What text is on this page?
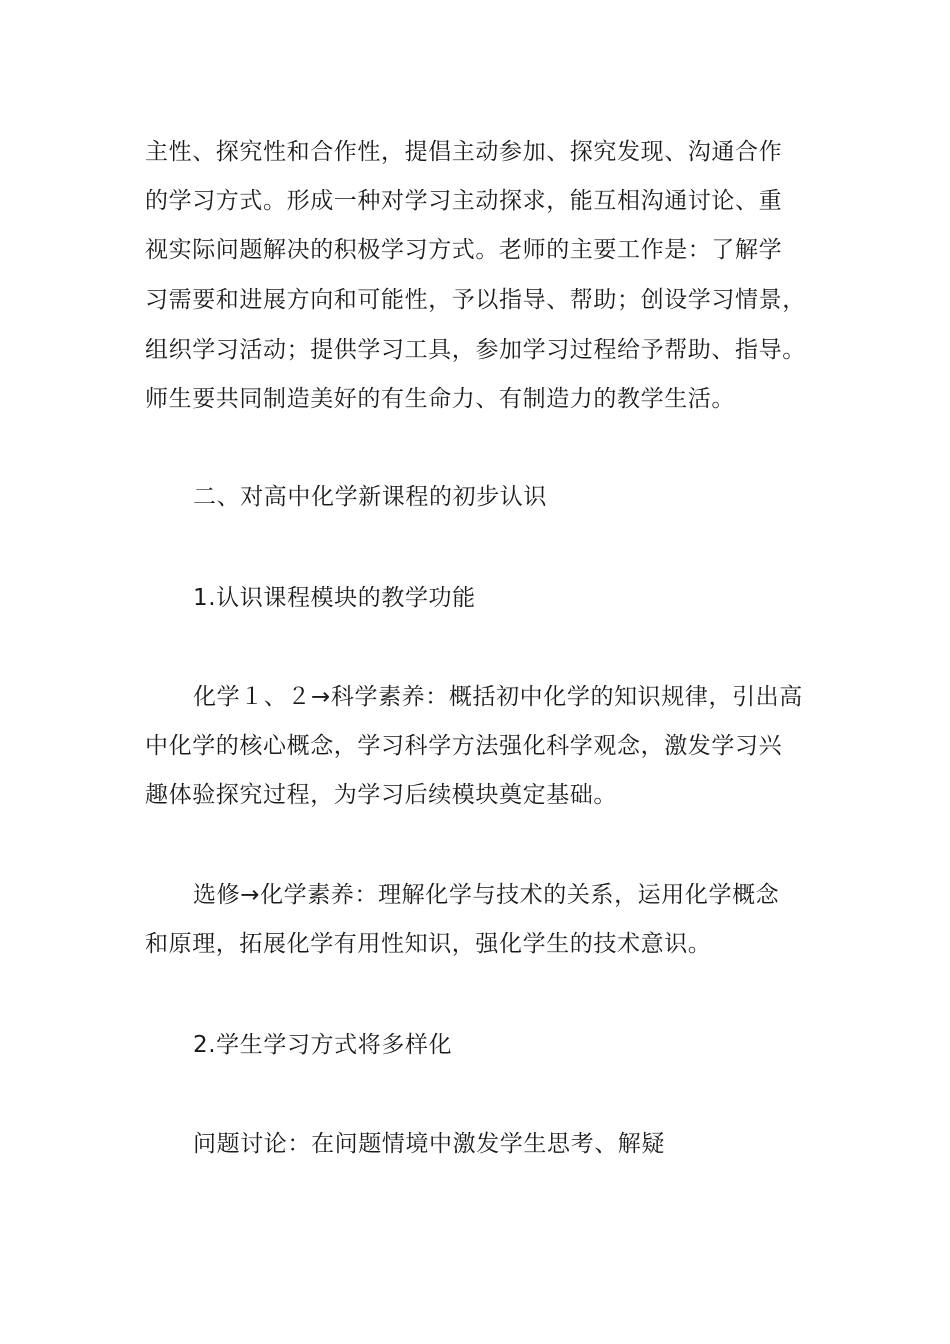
主性、探究性和合作性，提倡主动参加、探究发现、沟通合作
的学习方式。形成一种对学习主动探求，能互相沟通讨论、重
视实际问题解决的积极学习方式。老师的主要工作是：了解学
习需要和进展方向和可能性，予以指导、帮助；创设学习情景，
组织学习活动；提供学习工具，参加学习过程给予帮助、指导。
师生要共同制造美好的有生命力、有制造力的教学生活。
二、对高中化学新课程的初步认识
1.认识课程模块的教学功能
化学１、２→科学素养：概括初中化学的知识规律，引出高
中化学的核心概念，学习科学方法强化科学观念，激发学习兴
趣体验探究过程，为学习后续模块奠定基础。
选修→化学素养：理解化学与技术的关系，运用化学概念
和原理，拓展化学有用性知识，强化学生的技术意识。
2.学生学习方式将多样化
问题讨论：在问题情境中激发学生思考、解疑
